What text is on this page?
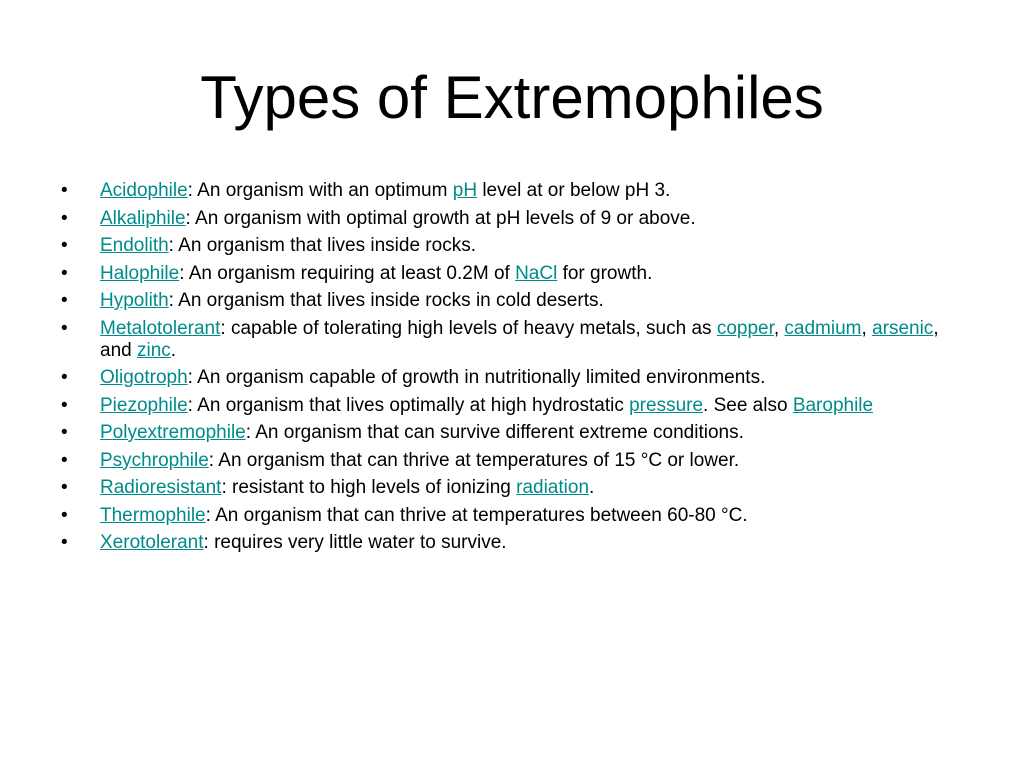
Types of Extremophiles
• Acidophile: An organism with an optimum pH level at or below pH 3.
• Alkaliphile: An organism with optimal growth at pH levels of 9 or above.
• Endolith: An organism that lives inside rocks.
• Halophile: An organism requiring at least 0.2M of NaCl for growth.
• Hypolith: An organism that lives inside rocks in cold deserts.
• Metalotolerant: capable of tolerating high levels of heavy metals, such as copper, cadmium, arsenic, and zinc.
• Oligotroph: An organism capable of growth in nutritionally limited environments.
• Piezophile: An organism that lives optimally at high hydrostatic pressure. See also Barophile
• Polyextremophile: An organism that can survive different extreme conditions.
• Psychrophile: An organism that can thrive at temperatures of 15 °C or lower.
• Radioresistant: resistant to high levels of ionizing radiation.
• Thermophile: An organism that can thrive at temperatures between 60-80 °C.
• Xerotolerant: requires very little water to survive.
